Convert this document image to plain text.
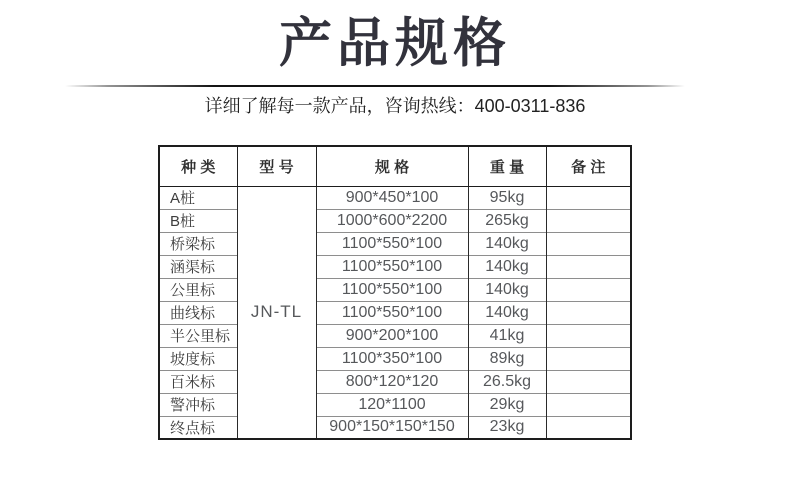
产品规格
详细了解每一款产品，咨询热线：400-0311-836
种 类	型 号	规 格	重 量	备 注
A桩	JN-TL	900*450*100	95kg	
B桩		1000*600*2200	265kg	
桥梁标		1100*550*100	140kg	
涵渠标		1100*550*100	140kg	
公里标		1100*550*100	140kg	
曲线标		1100*550*100	140kg	
半公里标		900*200*100	41kg	
坡度标		1100*350*100	89kg	
百米标		800*120*120	26.5kg	
警冲标		120*1100	29kg	
终点标		900*150*150*150	23kg	
